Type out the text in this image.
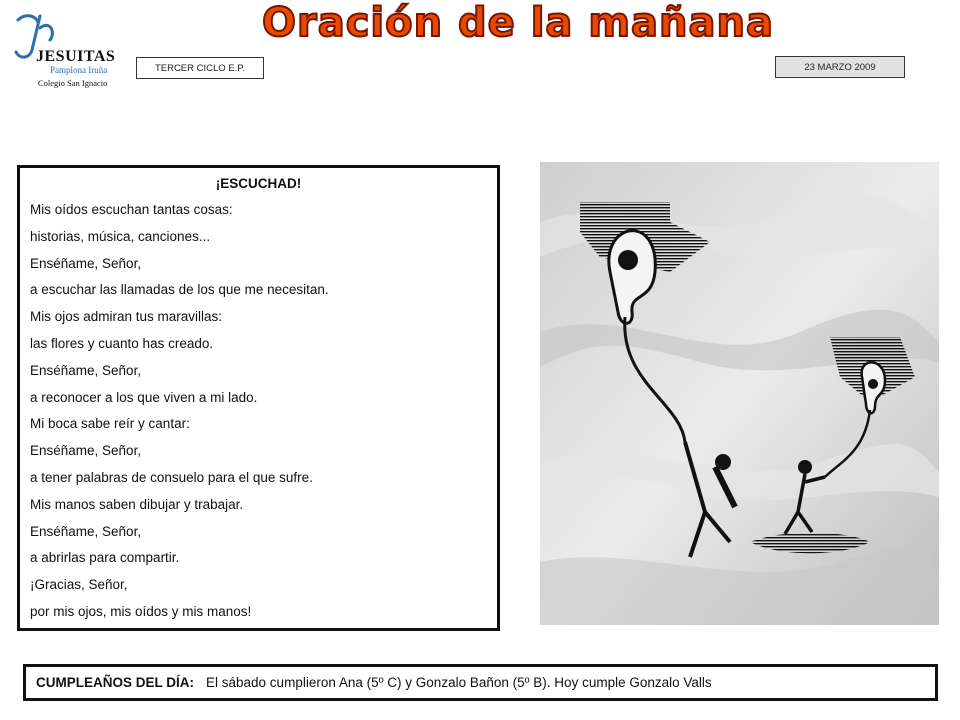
JESUITAS
Pamplona Iruña
Colegio San Ignacio
Oración de la mañana
TERCER CICLO E.P.	23 MARZO 2009
¡ESCUCHAD!
Mis oídos escuchan tantas cosas:
historias, música, canciones...
Enséñame, Señor,
a escuchar las llamadas de los que me necesitan.
Mis ojos admiran tus maravillas:
las flores y cuanto has creado.
Enséñame, Señor,
a reconocer a los que viven a mi lado.
Mi boca sabe reír y cantar:
Enséñame, Señor,
a tener palabras de consuelo para el que sufre.
Mis manos saben dibujar y trabajar.
Enséñame, Señor,
a abrirlas para compartir.
¡Gracias, Señor,
por mis ojos, mis oídos y mis manos!
CUMPLEAÑOS DEL DÍA: El sábado cumplieron Ana (5º C) y Gonzalo Bañon (5º B). Hoy cumple Gonzalo Valls
